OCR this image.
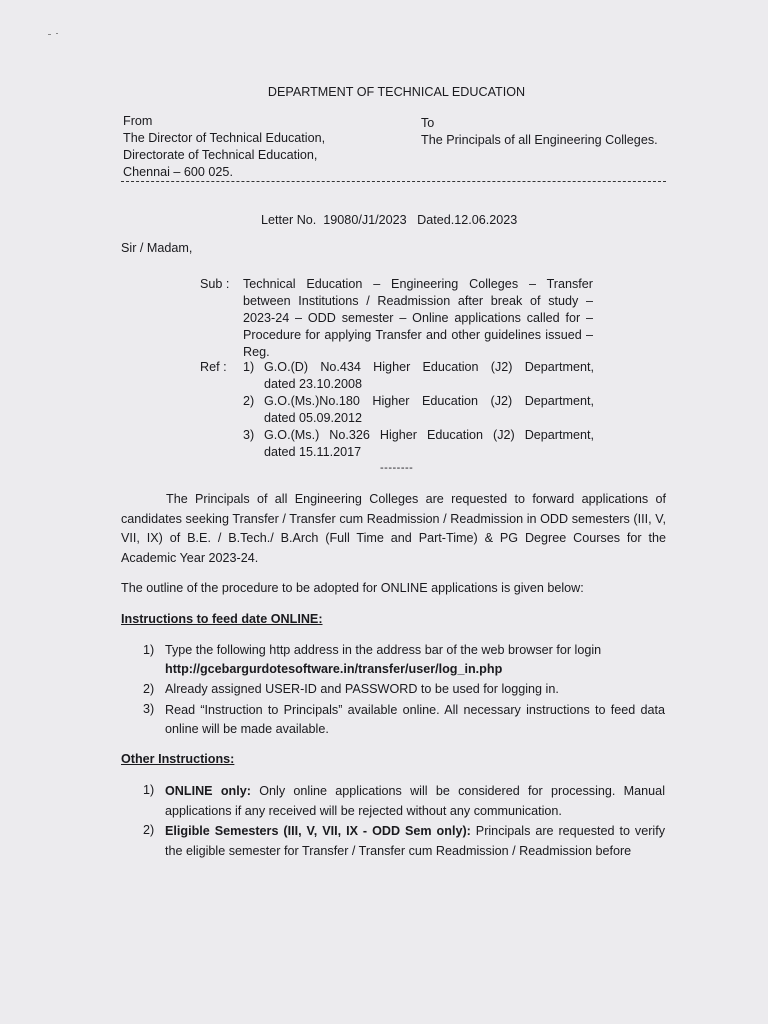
DEPARTMENT OF TECHNICAL EDUCATION
From
The Director of Technical Education,
Directorate of Technical Education,
Chennai – 600 025.
To
The Principals of all Engineering Colleges.
Letter No.  19080/J1/2023   Dated.12.06.2023
Sir / Madam,
Sub : Technical Education – Engineering Colleges – Transfer between Institutions / Readmission after break of study – 2023-24 – ODD semester – Online applications called for – Procedure for applying Transfer and other guidelines issued – Reg.
Ref : 1) G.O.(D) No.434 Higher Education (J2) Department,
dated 23.10.2008
2) G.O.(Ms.)No.180 Higher Education (J2) Department,
dated 05.09.2012
3) G.O.(Ms.) No.326 Higher Education (J2) Department,
dated 15.11.2017
--------
The Principals of all Engineering Colleges are requested to forward applications of candidates seeking Transfer / Transfer cum Readmission / Readmission in ODD semesters (III, V, VII, IX) of B.E. / B.Tech./ B.Arch (Full Time and Part-Time) & PG Degree Courses for the Academic Year 2023-24.
The outline of the procedure to be adopted for ONLINE applications is given below:
Instructions to feed date ONLINE:
1) Type the following http address in the address bar of the web browser for login
http://gcebargurdotesoftware.in/transfer/user/log_in.php
2) Already assigned USER-ID and PASSWORD to be used for logging in.
3) Read “Instruction to Principals” available online. All necessary instructions to feed data online will be made available.
Other Instructions:
1) ONLINE only: Only online applications will be considered for processing. Manual applications if any received will be rejected without any communication.
2) Eligible Semesters (III, V, VII, IX - ODD Sem only): Principals are requested to verify the eligible semester for Transfer / Transfer cum Readmission / Readmission before
